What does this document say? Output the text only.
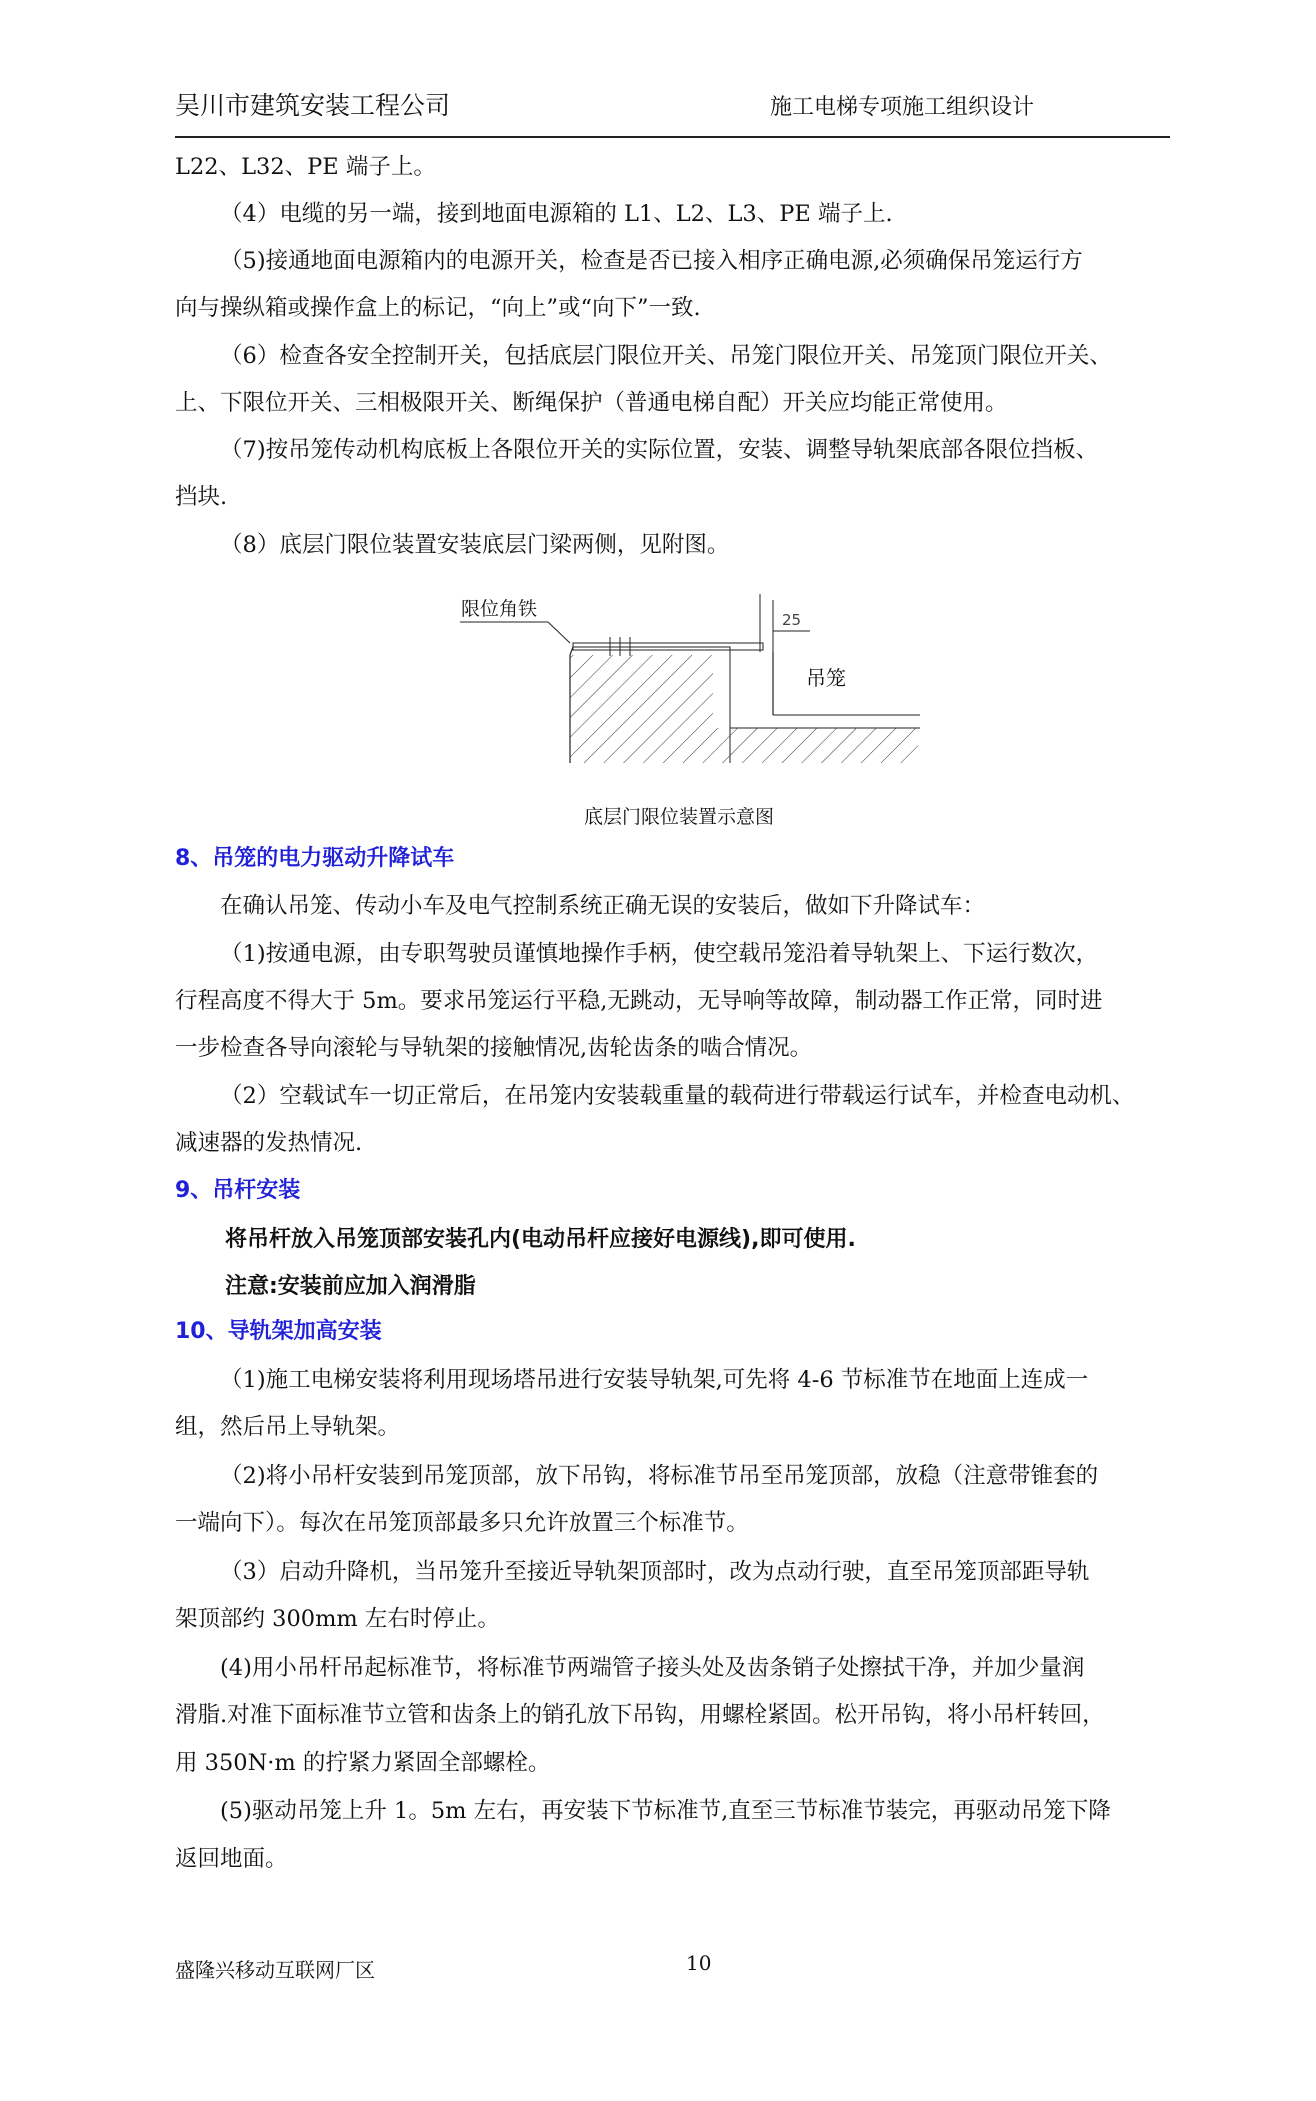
吴川市建筑安装工程公司	施工电梯专项施工组织设计
L22、L32、PE 端子上。
（4）电缆的另一端，接到地面电源箱的 L1、L2、L3、PE 端子上.
（5)接通地面电源箱内的电源开关，检查是否已接入相序正确电源,必须确保吊笼运行方
向与操纵箱或操作盒上的标记，“向上”或“向下”一致.
（6）检查各安全控制开关，包括底层门限位开关、吊笼门限位开关、吊笼顶门限位开关、
上、下限位开关、三相极限开关、断绳保护（普通电梯自配）开关应均能正常使用。
（7)按吊笼传动机构底板上各限位开关的实际位置，安装、调整导轨架底部各限位挡板、
挡块.
（8）底层门限位装置安装底层门梁两侧，见附图。
限位角铁	25
吊笼
底层门限位装置示意图
8、吊笼的电力驱动升降试车
在确认吊笼、传动小车及电气控制系统正确无误的安装后，做如下升降试车：
（1)按通电源，由专职驾驶员谨慎地操作手柄，使空载吊笼沿着导轨架上、下运行数次，
行程高度不得大于 5m。要求吊笼运行平稳,无跳动，无导响等故障，制动器工作正常，同时进
一步检查各导向滚轮与导轨架的接触情况,齿轮齿条的啮合情况。
（2）空载试车一切正常后，在吊笼内安装载重量的载荷进行带载运行试车，并检查电动机、
减速器的发热情况.
9、吊杆安装
将吊杆放入吊笼顶部安装孔内(电动吊杆应接好电源线),即可使用.
注意:安装前应加入润滑脂
10、导轨架加高安装
（1)施工电梯安装将利用现场塔吊进行安装导轨架,可先将 4-6 节标准节在地面上连成一
组，然后吊上导轨架。
（2)将小吊杆安装到吊笼顶部，放下吊钩，将标准节吊至吊笼顶部，放稳（注意带锥套的
一端向下）。每次在吊笼顶部最多只允许放置三个标准节。
（3）启动升降机，当吊笼升至接近导轨架顶部时，改为点动行驶，直至吊笼顶部距导轨
架顶部约 300mm 左右时停止。
(4)用小吊杆吊起标准节，将标准节两端管子接头处及齿条销子处擦拭干净，并加少量润
滑脂.对准下面标准节立管和齿条上的销孔放下吊钩，用螺栓紧固。松开吊钩，将小吊杆转回，
用 350N·m 的拧紧力紧固全部螺栓。
(5)驱动吊笼上升 1。5m 左右，再安装下节标准节,直至三节标准节装完，再驱动吊笼下降
返回地面。
盛隆兴移动互联网厂区	10
